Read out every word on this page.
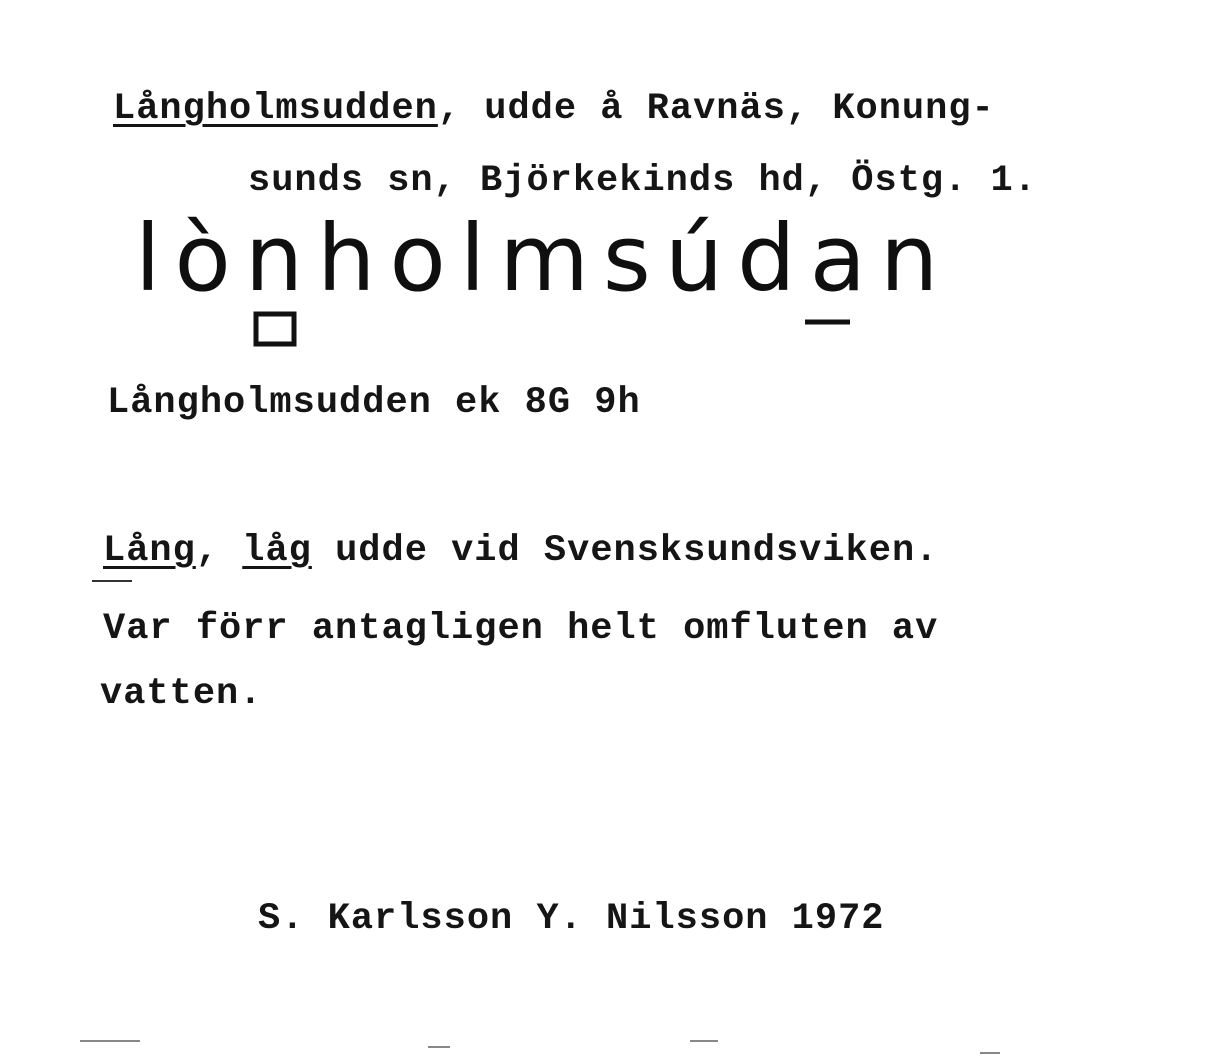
Långholmsudden, udde å Ravnäs, Konung-
sunds sn, Björkekinds hd, Östg. 1.
lònholmsúdan
Långholmsudden ek 8G 9h
Lång, låg udde vid Svensksundsviken.
Var förr antagligen helt omfluten av
vatten.
S. Karlsson Y. Nilsson 1972
